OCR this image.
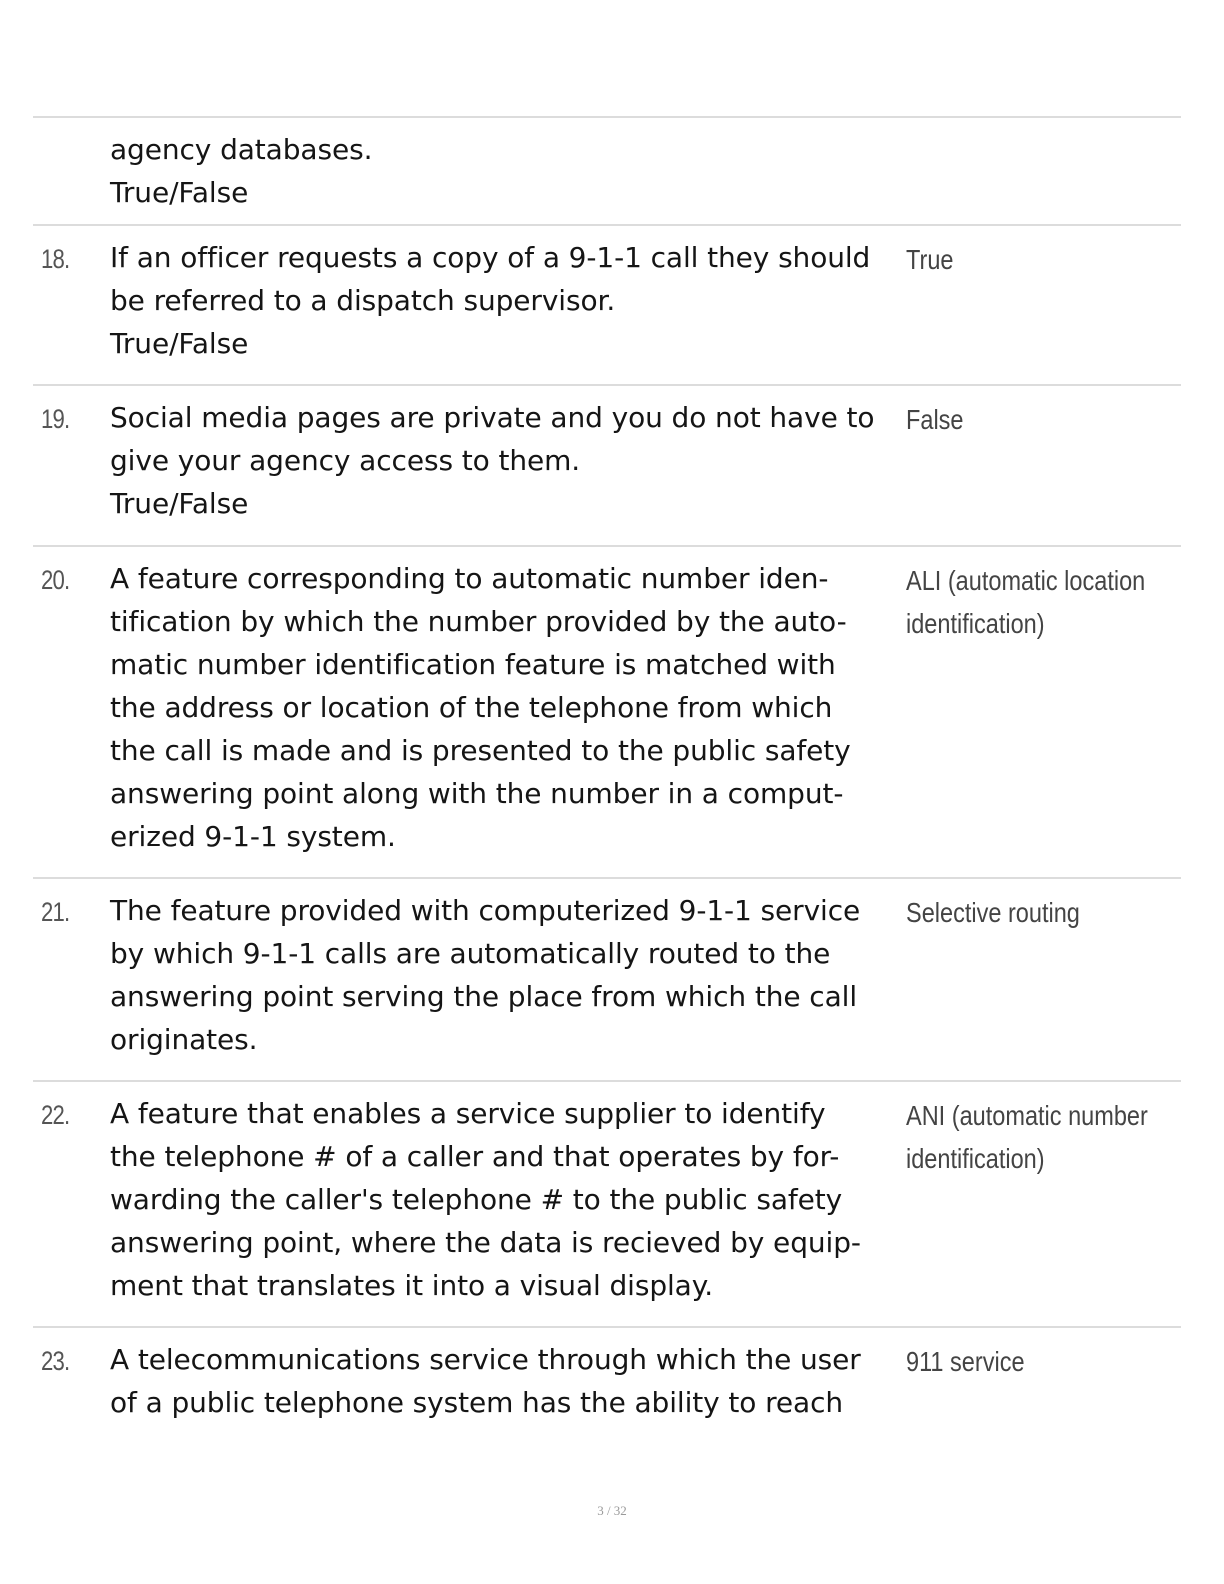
agency databases.
True/False
18. If an officer requests a copy of a 9-1-1 call they should
be referred to a dispatch supervisor.
True/False
True
19. Social media pages are private and you do not have to
give your agency access to them.
True/False
False
20. A feature corresponding to automatic number iden-
tification by which the number provided by the auto-
matic number identification feature is matched with
the address or location of the telephone from which
the call is made and is presented to the public safety
answering point along with the number in a comput-
erized 9-1-1 system.
ALI (automatic location
identification)
21. The feature provided with computerized 9-1-1 service
by which 9-1-1 calls are automatically routed to the
answering point serving the place from which the call
originates.
Selective routing
22. A feature that enables a service supplier to identify
the telephone # of a caller and that operates by for-
warding the caller's telephone # to the public safety
answering point, where the data is recieved by equip-
ment that translates it into a visual display.
ANI (automatic number
identification)
23. A telecommunications service through which the user
of a public telephone system has the ability to reach
911 service
3 / 32
